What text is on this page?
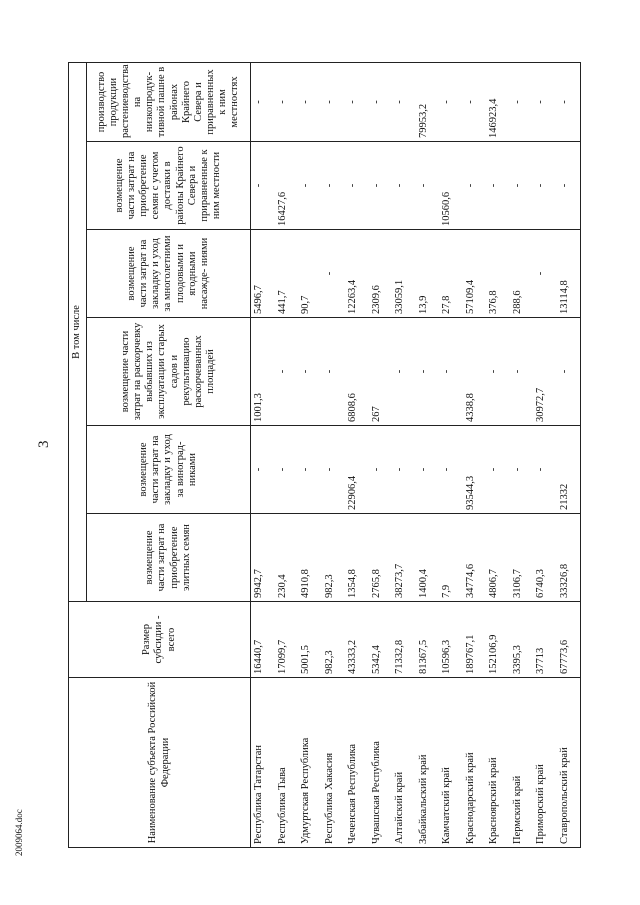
3
2009064.doc	Наименование субъекта Российской Федерации	Размер субсидии - всего	В том числе					
		возмещение части затрат на приобретение элитных семян	возмещение части затрат на закладку и уход за виноград- никами	возмещение части затрат на раскорчевку выбывших из эксплуатации старых садов и рекультивацию раскорчеванных площадей	возмещение части затрат на закладку и уход за многолетними плодовыми и ягодными насажде- ниями	возмещение части затрат на приобретение семян с учетом доставки в районы Крайнего Севера и приравненные к ним местности	производство продукции растениеводства на низкопродук- тивной пашне в районах Крайнего Севера и приравненных к ним местностях
Республика Татарстан	16440,7	9942,7	-	1001,3	5496,7	-	-
Республика Тыва	17099,7	230,4	-	-	441,7	16427,6	-
Удмуртская Республика	5001,5	4910,8	-	-	90,7	-	-
Республика Хакасия	982,3	982,3	-	-	-	-	-
Чеченская Республика	43333,2	1354,8	22906,4	6808,6	12263,4	-	-
Чувашская Республика	5342,4	2765,8	-	267	2309,6	-	-
Алтайский край	71332,8	38273,7	-	-	33059,1	-	-
Забайкальский край	81367,5	1400,4	-	-	13,9	-	79953,2
Камчатский край	10596,3	7,9	-	-	27,8	10560,6	-
Краснодарский край	189767,1	34774,6	93544,3	4338,8	57109,4	-	-
Красноярский край	152106,9	4806,7	-	-	376,8	-	146923,4
Пермский край	3395,3	3106,7	-	-	288,6	-	-
Приморский край	37713	6740,3	-	30972,7	-	-	-
Ставропольский край	67773,6	33326,8	21332	-	13114,8	-	-
